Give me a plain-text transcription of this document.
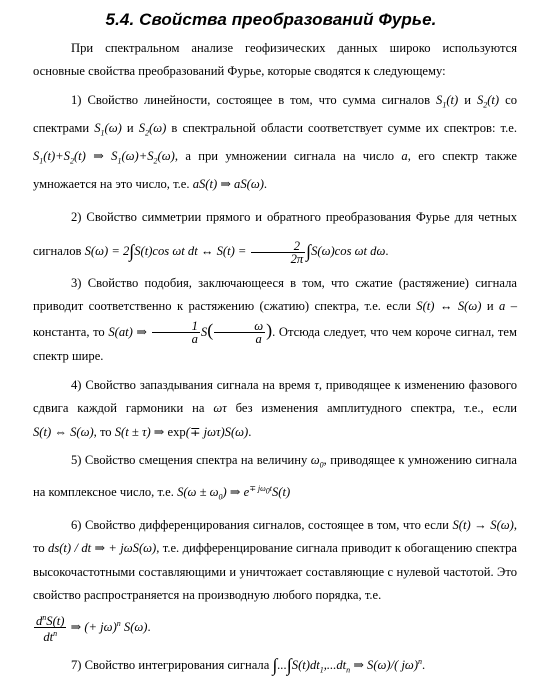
5.4. Свойства преобразований Фурье.

При спектральном анализе геофизических данных широко используются основные свойства преобразований Фурье, которые сводятся к следующему:

1) Свойство линейности, состоящее в том, что сумма сигналов $S_1(t)$ и $S_2(t)$ со спектрами $S_1(\omega)$ и $S_2(\omega)$ в спектральной области соответствует сумме их спектров: т.е. $S_1(t)+S_2(t)$ ⇒ $S_1(\omega)+S_2(\omega)$, а при умножении сигнала на число a, его спектр также умножается на это число, т.е. aS(t) ⇒ aS(ω).

2) Свойство симметрии прямого и обратного преобразования Фурье для четных сигналов S(ω) = 2∫S(t)cos ωt dt ↔ $S(t) = \frac{2}{2\pi} \int S(\omega)\cos$ ωt dω.

3) Свойство подобия, заключающееся в том, что сжатие (растяжение) сигнала приводит соответственно к растяжению (сжатию) спектра, т.е. если S(t) ↔ S(ω) и a – константа, то S(at) ⇒ $\frac{1}{a} S( \frac{\omega}{a}$ ). Отсюда следует, что чем короче сигнал, тем спектр шире.

4) Свойство запаздывания сигнала на время τ, приводящее к изменению фазового сдвига каждой гармоники на ωτ без изменения амплитудного спектра, т.е., если S(t) ⇔ S(ω), то S(t ± τ) ⇒ exp(∓ jωτ)S(ω).

5) Свойство смещения спектра на величину $\omega_0$, приводящее к умножению сигнала на комплексное число, т.е. $S(\omega \pm \omega_0)$ ⇒ $e^{\mp j\omega_0t}S(t)$

6) Свойство дифференцирования сигналов, состоящее в том, что если S(t) → S(ω), то ds(t) / dt ⇒ + jωS(ω), т.е. дифференцирование сигнала приводит к обогащению спектра высокочастотными составляющими и уничтожает составляющие с нулевой частотой. Это свойство распространяется на производную любого порядка, т.е.

$\frac{d^nS(t)}{dt^n}$ ⇒ (+ jω)$^n$ S(ω).

7) Свойство интегрирования сигнала $\int...\int S(t)dt_1,...dt_n$ ⇒ S(ω)/( jω)$^n$.
